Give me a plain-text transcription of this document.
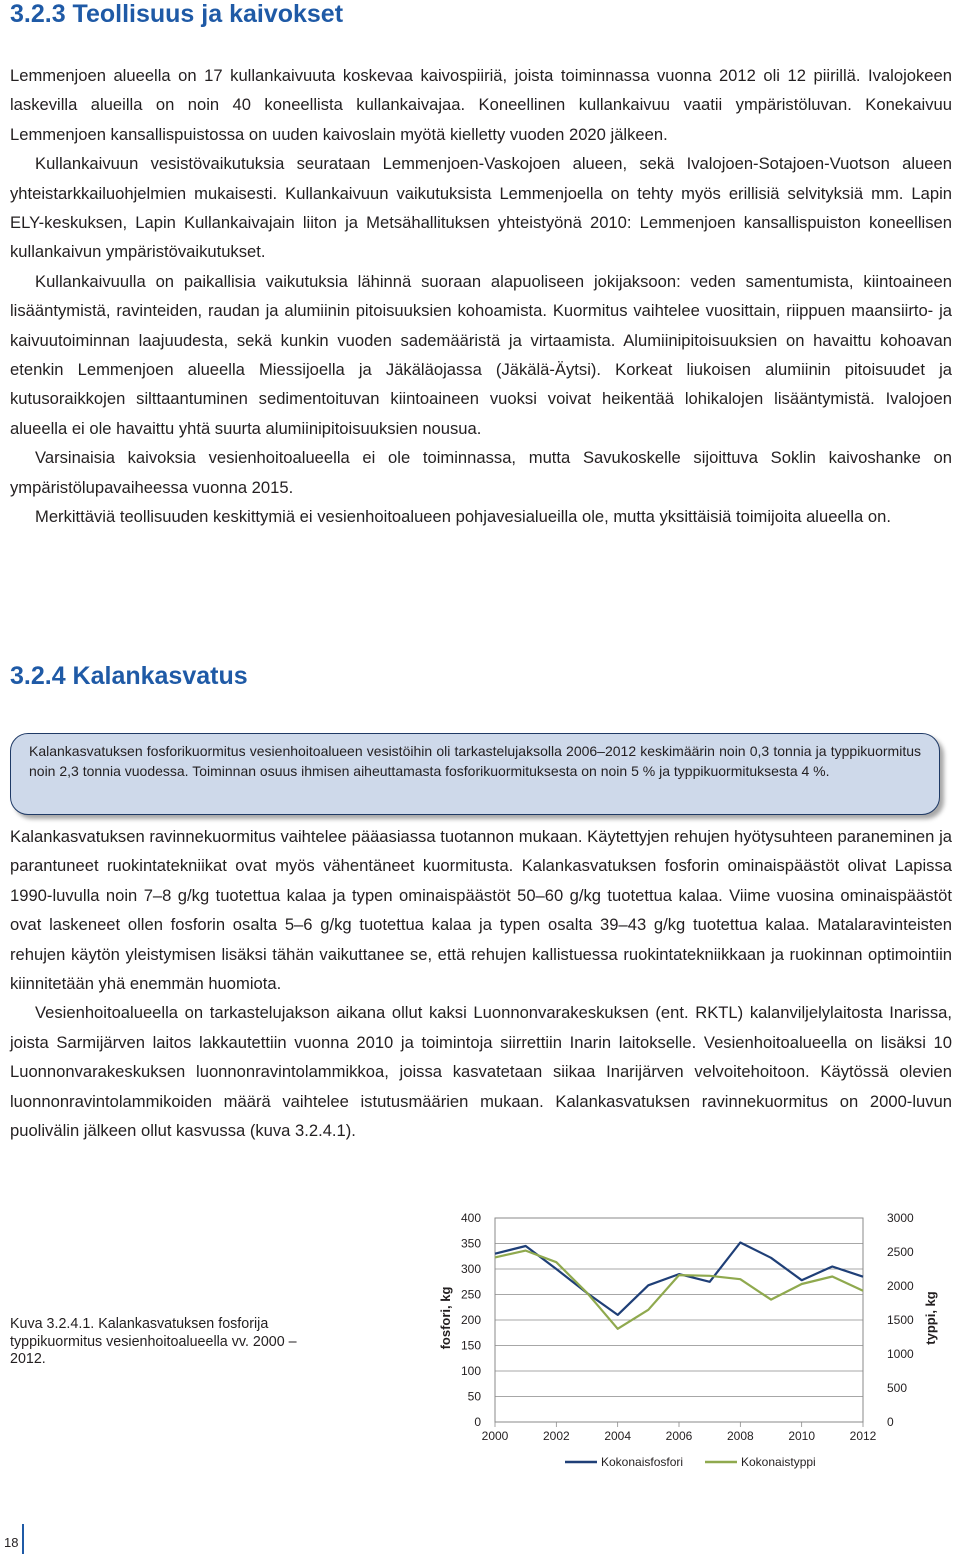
3.2.3 Teollisuus ja kaivokset

Lemmenjoen alueella on 17 kullankaivuuta koskevaa kaivospiiriä, joista toiminnassa vuonna 2012 oli 12 piirillä. Ivalojokeen laskevilla alueilla on noin 40 koneellista kullankaivajaa. Koneellinen kullankaivuu vaatii ympäristöluvan. Konekaivuu Lemmenjoen kansallispuistossa on uuden kaivoslain myötä kielletty vuoden 2020 jälkeen.

Kullankaivuun vesistövaikutuksia seurataan Lemmenjoen-Vaskojoen alueen, sekä Ivalojoen-Sotajoen-Vuotson alueen yhteistarkkailuohjelmien mukaisesti. Kullankaivuun vaikutuksista Lemmenjoella on tehty myös erillisiä selvityksiä mm. Lapin ELY-keskuksen, Lapin Kullankaivajain liiton ja Metsähallituksen yhteistyönä 2010: Lemmenjoen kansallispuiston koneellisen kullankaivun ympäristövaikutukset.

Kullankaivuulla on paikallisia vaikutuksia lähinnä suoraan alapuoliseen jokijaksoon: veden samentumista, kiintoaineen lisääntymistä, ravinteiden, raudan ja alumiinin pitoisuuksien kohoamista. Kuormitus vaihtelee vuosittain, riippuen maansiirto- ja kaivuutoiminnan laajuudesta, sekä kunkin vuoden sademääristä ja virtaamista. Alumiinipitoisuuksien on havaittu kohoavan etenkin Lemmenjoen alueella Miessijoella ja Jäkäläojassa (Jäkälä-Äytsi). Korkeat liukoisen alumiinin pitoisuudet ja kutusoraikkojen silttaantuminen sedimentoituvan kiintoaineen vuoksi voivat heikentää lohikalojen lisääntymistä. Ivalojoen alueella ei ole havaittu yhtä suurta alumiinipitoisuuksien nousua.

Varsinaisia kaivoksia vesienhoitoalueella ei ole toiminnassa, mutta Savukoskelle sijoittuva Soklin kaivoshanke on ympäristölupavaiheessa vuonna 2015.

Merkittäviä teollisuuden keskittymiä ei vesienhoitoalueen pohjavesialueilla ole, mutta yksittäisiä toimijoita alueella on.

3.2.4 Kalankasvatus
Kalankasvatuksen fosforikuormitus vesienhoitoalueen vesistöihin oli tarkastelujaksolla 2006–2012 keskimäärin noin 0,3 tonnia ja typpikuormitus noin 2,3 tonnia vuodessa. Toiminnan osuus ihmisen aiheuttamasta fosforikuormituksesta on noin 5 % ja typpikuormituksesta 4 %.

Kalankasvatuksen ravinnekuormitus vaihtelee pääasiassa tuotannon mukaan. Käytettyjen rehujen hyötysuhteen paraneminen ja parantuneet ruokintatekniikat ovat myös vähentäneet kuormitusta. Kalankasvatuksen fosforin ominaispäästöt olivat Lapissa 1990-luvulla noin 7–8 g/kg tuotettua kalaa ja typen ominaispäästöt 50–60 g/kg tuotettua kalaa. Viime vuosina ominaispäästöt ovat laskeneet ollen fosforin osalta 5–6 g/kg tuotettua kalaa ja typen osalta 39–43 g/kg tuotettua kalaa. Matalaravinteisten rehujen käytön yleistymisen lisäksi tähän vaikuttanee se, että rehujen kallistuessa ruokintatekniikkaan ja ruokinnan optimointiin kiinnitetään yhä enemmän huomiota.

Vesienhoitoalueella on tarkastelujakson aikana ollut kaksi Luonnonvarakeskuksen (ent. RKTL) kalanviljelylaitosta Inarissa, joista Sarmijärven laitos lakkautettiin vuonna 2010 ja toimintoja siirrettiin Inarin laitokselle. Vesienhoitoalueella on lisäksi 10 Luonnonvarakeskuksen luonnonravintolammikkoa, joissa kasvatetaan siikaa Inarijärven velvoitehoitoon. Käytössä olevien luonnonravintolammikoiden määrä vaihtelee istutusmäärien mukaan. Kalankasvatuksen ravinnekuormitus on 2000-luvun puolivälin jälkeen ollut kasvussa (kuva 3.2.4.1).

Kuva 3.2.4.1. Kalankasvatuksen fosforija typpikuormitus vesienhoitoalueella vv. 2000 – 2012.
0
50
100
150
200
250
300
350
400
0
500
1000
1500
2000
2500
3000
2000	2002	2004	2006	2008	2010	2012
fosfori, kg	typpi, kg
Kokonaisfosfori	Kokonaistyppi
18
